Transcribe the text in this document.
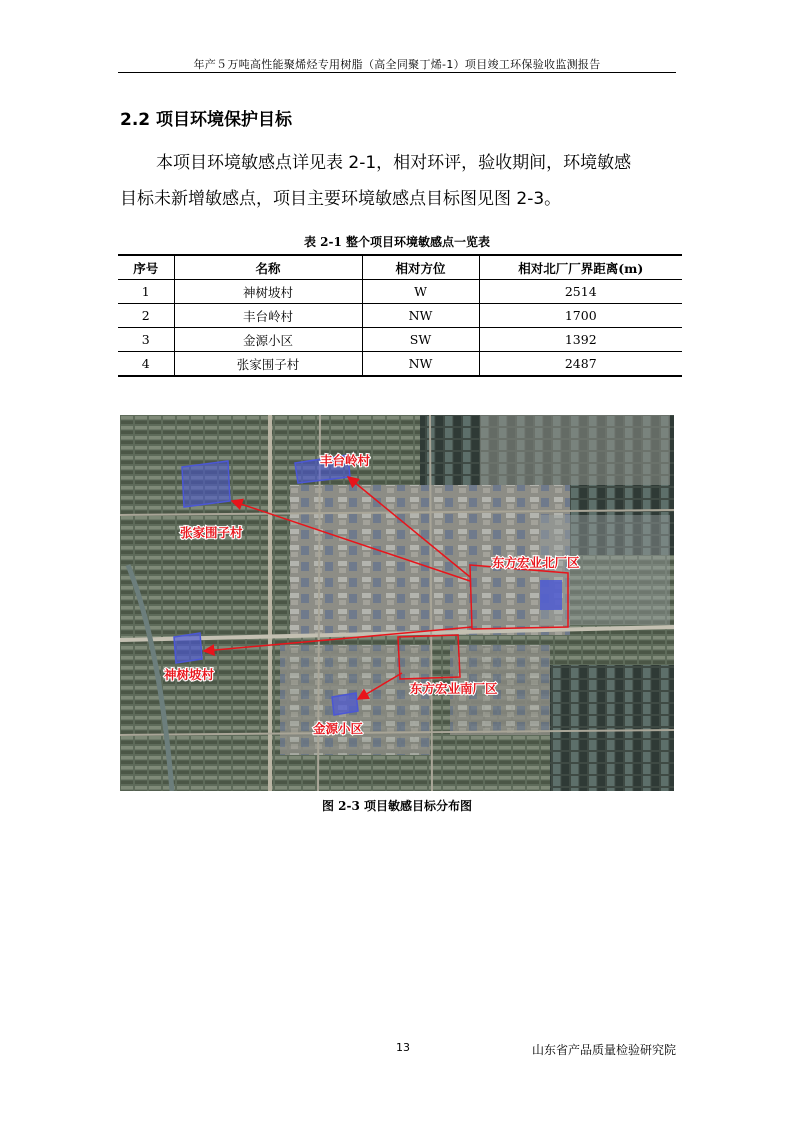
年产５万吨高性能聚烯烃专用树脂（高全同聚丁烯-1）项目竣工环保验收监测报告
2.2 项目环境保护目标
本项目环境敏感点详见表 2-1，相对环评，验收期间，环境敏感
目标未新增敏感点，项目主要环境敏感点目标图见图 2-3。
表 2-1 整个项目环境敏感点一览表
序号	名称	相对方位	相对北厂厂界距离(m)
1	神树坡村	W	2514
2	丰台岭村	NW	1700
3	金源小区	SW	1392
4	张家围子村	NW	2487
丰台岭村
张家围子村
神树坡村
金源小区
东方宏业北厂区
东方宏业南厂区
图 2-3 项目敏感目标分布图
13	山东省产品质量检验研究院
